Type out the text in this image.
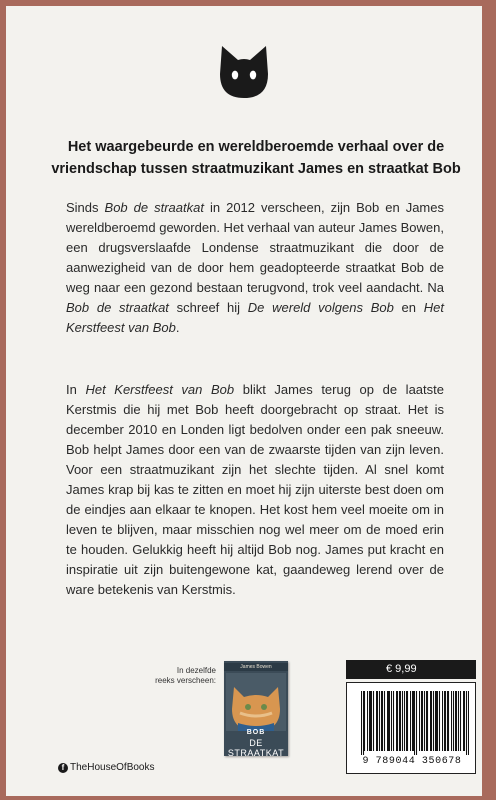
Het waargebeurde en wereldberoemde verhaal over de
vriendschap tussen straatmuzikant James en straatkat Bob

Sinds Bob de straatkat in 2012 verscheen, zijn Bob en James wereldberoemd geworden. Het verhaal van auteur James Bowen, een drugsverslaafde Londense straatmuzikant die door de aanwezigheid van de door hem geadopteerde straatkat Bob de weg naar een gezond bestaan terugvond, trok veel aandacht. Na Bob de straatkat schreef hij De wereld volgens Bob en Het Kerstfeest van Bob.

In Het Kerstfeest van Bob blikt James terug op de laatste Kerstmis die hij met Bob heeft doorgebracht op straat. Het is december 2010 en Londen ligt bedolven onder een pak sneeuw. Bob helpt James door een van de zwaarste tijden van zijn leven. Voor een straatmuzikant zijn het slechte tijden. Al snel komt James krap bij kas te zitten en moet hij zijn uiterste best doen om de eindjes aan elkaar te knopen. Het kost hem veel moeite om in leven te blijven, maar misschien nog wel meer om de moed erin te houden. Gelukkig heeft hij altijd Bob nog. James put kracht en inspiratie uit zijn buitengewone kat, gaandeweg lerend over de ware betekenis van Kerstmis.

In dezelfde
reeks verscheen:
James Bowen
BOB
DE STRAATKAT
€ 9,99
9 789044 350678
f TheHouseOfBooks
